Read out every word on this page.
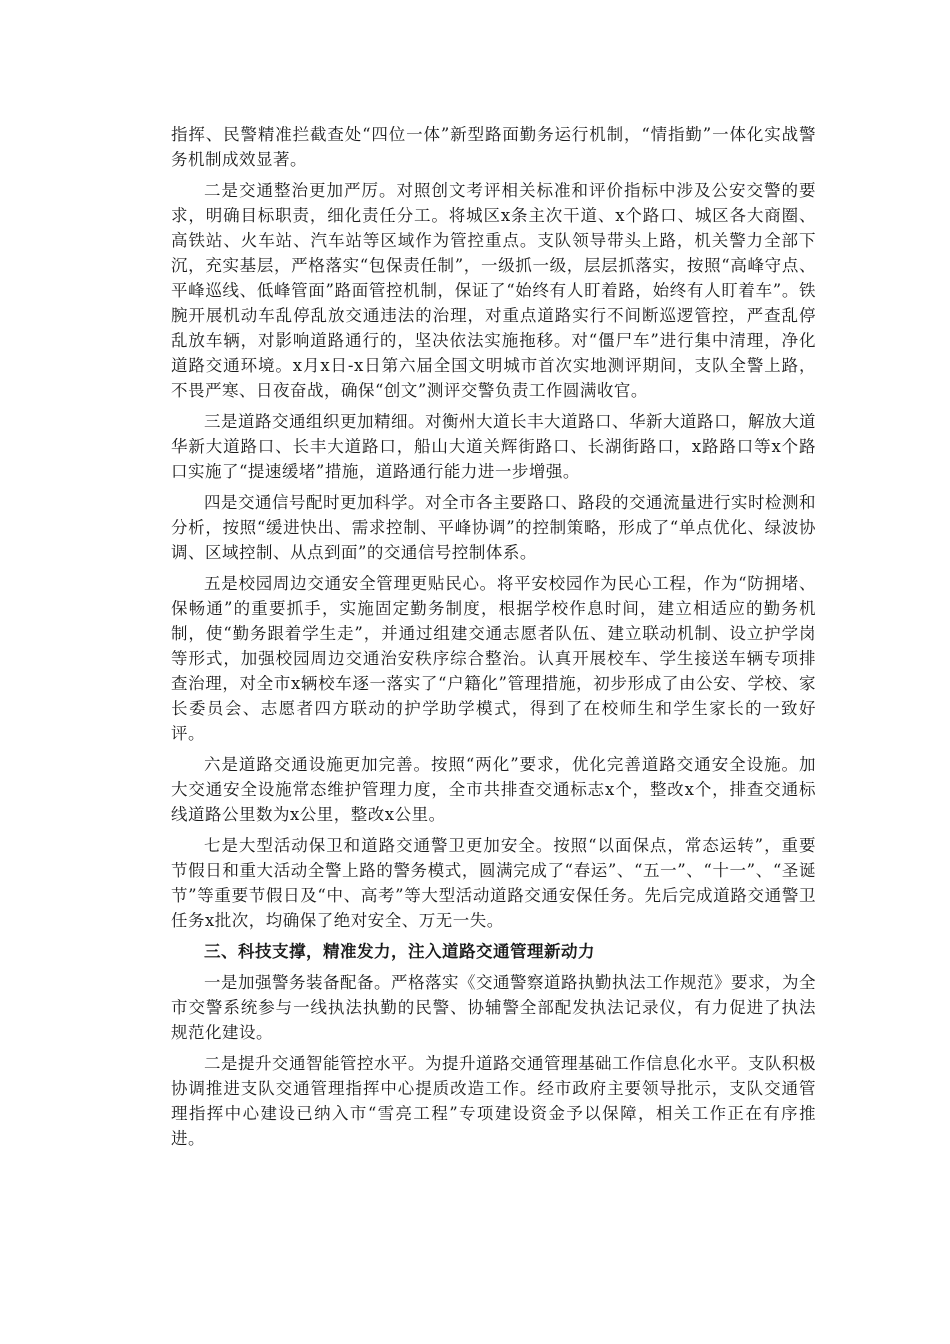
指挥、民警精准拦截查处“四位一体”新型路面勤务运行机制，“情指勤”一体化实战警务机制成效显著。

二是交通整治更加严厉。对照创文考评相关标准和评价指标中涉及公安交警的要求，明确目标职责，细化责任分工。将城区x条主次干道、x个路口、城区各大商圈、高铁站、火车站、汽车站等区域作为管控重点。支队领导带头上路，机关警力全部下沉，充实基层，严格落实“包保责任制”，一级抓一级，层层抓落实，按照“高峰守点、平峰巡线、低峰管面”路面管控机制，保证了“始终有人盯着路，始终有人盯着车”。铁腕开展机动车乱停乱放交通违法的治理，对重点道路实行不间断巡逻管控，严查乱停乱放车辆，对影响道路通行的，坚决依法实施拖移。对“僵尸车”进行集中清理，净化道路交通环境。x月x日-x日第六届全国文明城市首次实地测评期间，支队全警上路，不畏严寒、日夜奋战，确保“创文”测评交警负责工作圆满收官。

三是道路交通组织更加精细。对衡州大道长丰大道路口、华新大道路口，解放大道华新大道路口、长丰大道路口，船山大道关辉街路口、长湖街路口，x路路口等x个路口实施了“提速缓堵”措施，道路通行能力进一步增强。

四是交通信号配时更加科学。对全市各主要路口、路段的交通流量进行实时检测和分析，按照“缓进快出、需求控制、平峰协调”的控制策略，形成了“单点优化、绿波协调、区域控制、从点到面”的交通信号控制体系。

五是校园周边交通安全管理更贴民心。将平安校园作为民心工程，作为“防拥堵、保畅通”的重要抓手，实施固定勤务制度，根据学校作息时间，建立相适应的勤务机制，使“勤务跟着学生走”，并通过组建交通志愿者队伍、建立联动机制、设立护学岗等形式，加强校园周边交通治安秩序综合整治。认真开展校车、学生接送车辆专项排查治理，对全市x辆校车逐一落实了“户籍化”管理措施，初步形成了由公安、学校、家长委员会、志愿者四方联动的护学助学模式，得到了在校师生和学生家长的一致好评。

六是道路交通设施更加完善。按照“两化”要求，优化完善道路交通安全设施。加大交通安全设施常态维护管理力度，全市共排查交通标志x个，整改x个，排查交通标线道路公里数为x公里，整改x公里。

七是大型活动保卫和道路交通警卫更加安全。按照“以面保点，常态运转”，重要节假日和重大活动全警上路的警务模式，圆满完成了“春运”、“五一”、“十一”、“圣诞节”等重要节假日及“中、高考”等大型活动道路交通安保任务。先后完成道路交通警卫任务x批次，均确保了绝对安全、万无一失。

三、科技支撑，精准发力，注入道路交通管理新动力

一是加强警务装备配备。严格落实《交通警察道路执勤执法工作规范》要求，为全市交警系统参与一线执法执勤的民警、协辅警全部配发执法记录仪，有力促进了执法规范化建设。

二是提升交通智能管控水平。为提升道路交通管理基础工作信息化水平。支队积极协调推进支队交通管理指挥中心提质改造工作。经市政府主要领导批示，支队交通管理指挥中心建设已纳入市“雪亮工程”专项建设资金予以保障，相关工作正在有序推进。
